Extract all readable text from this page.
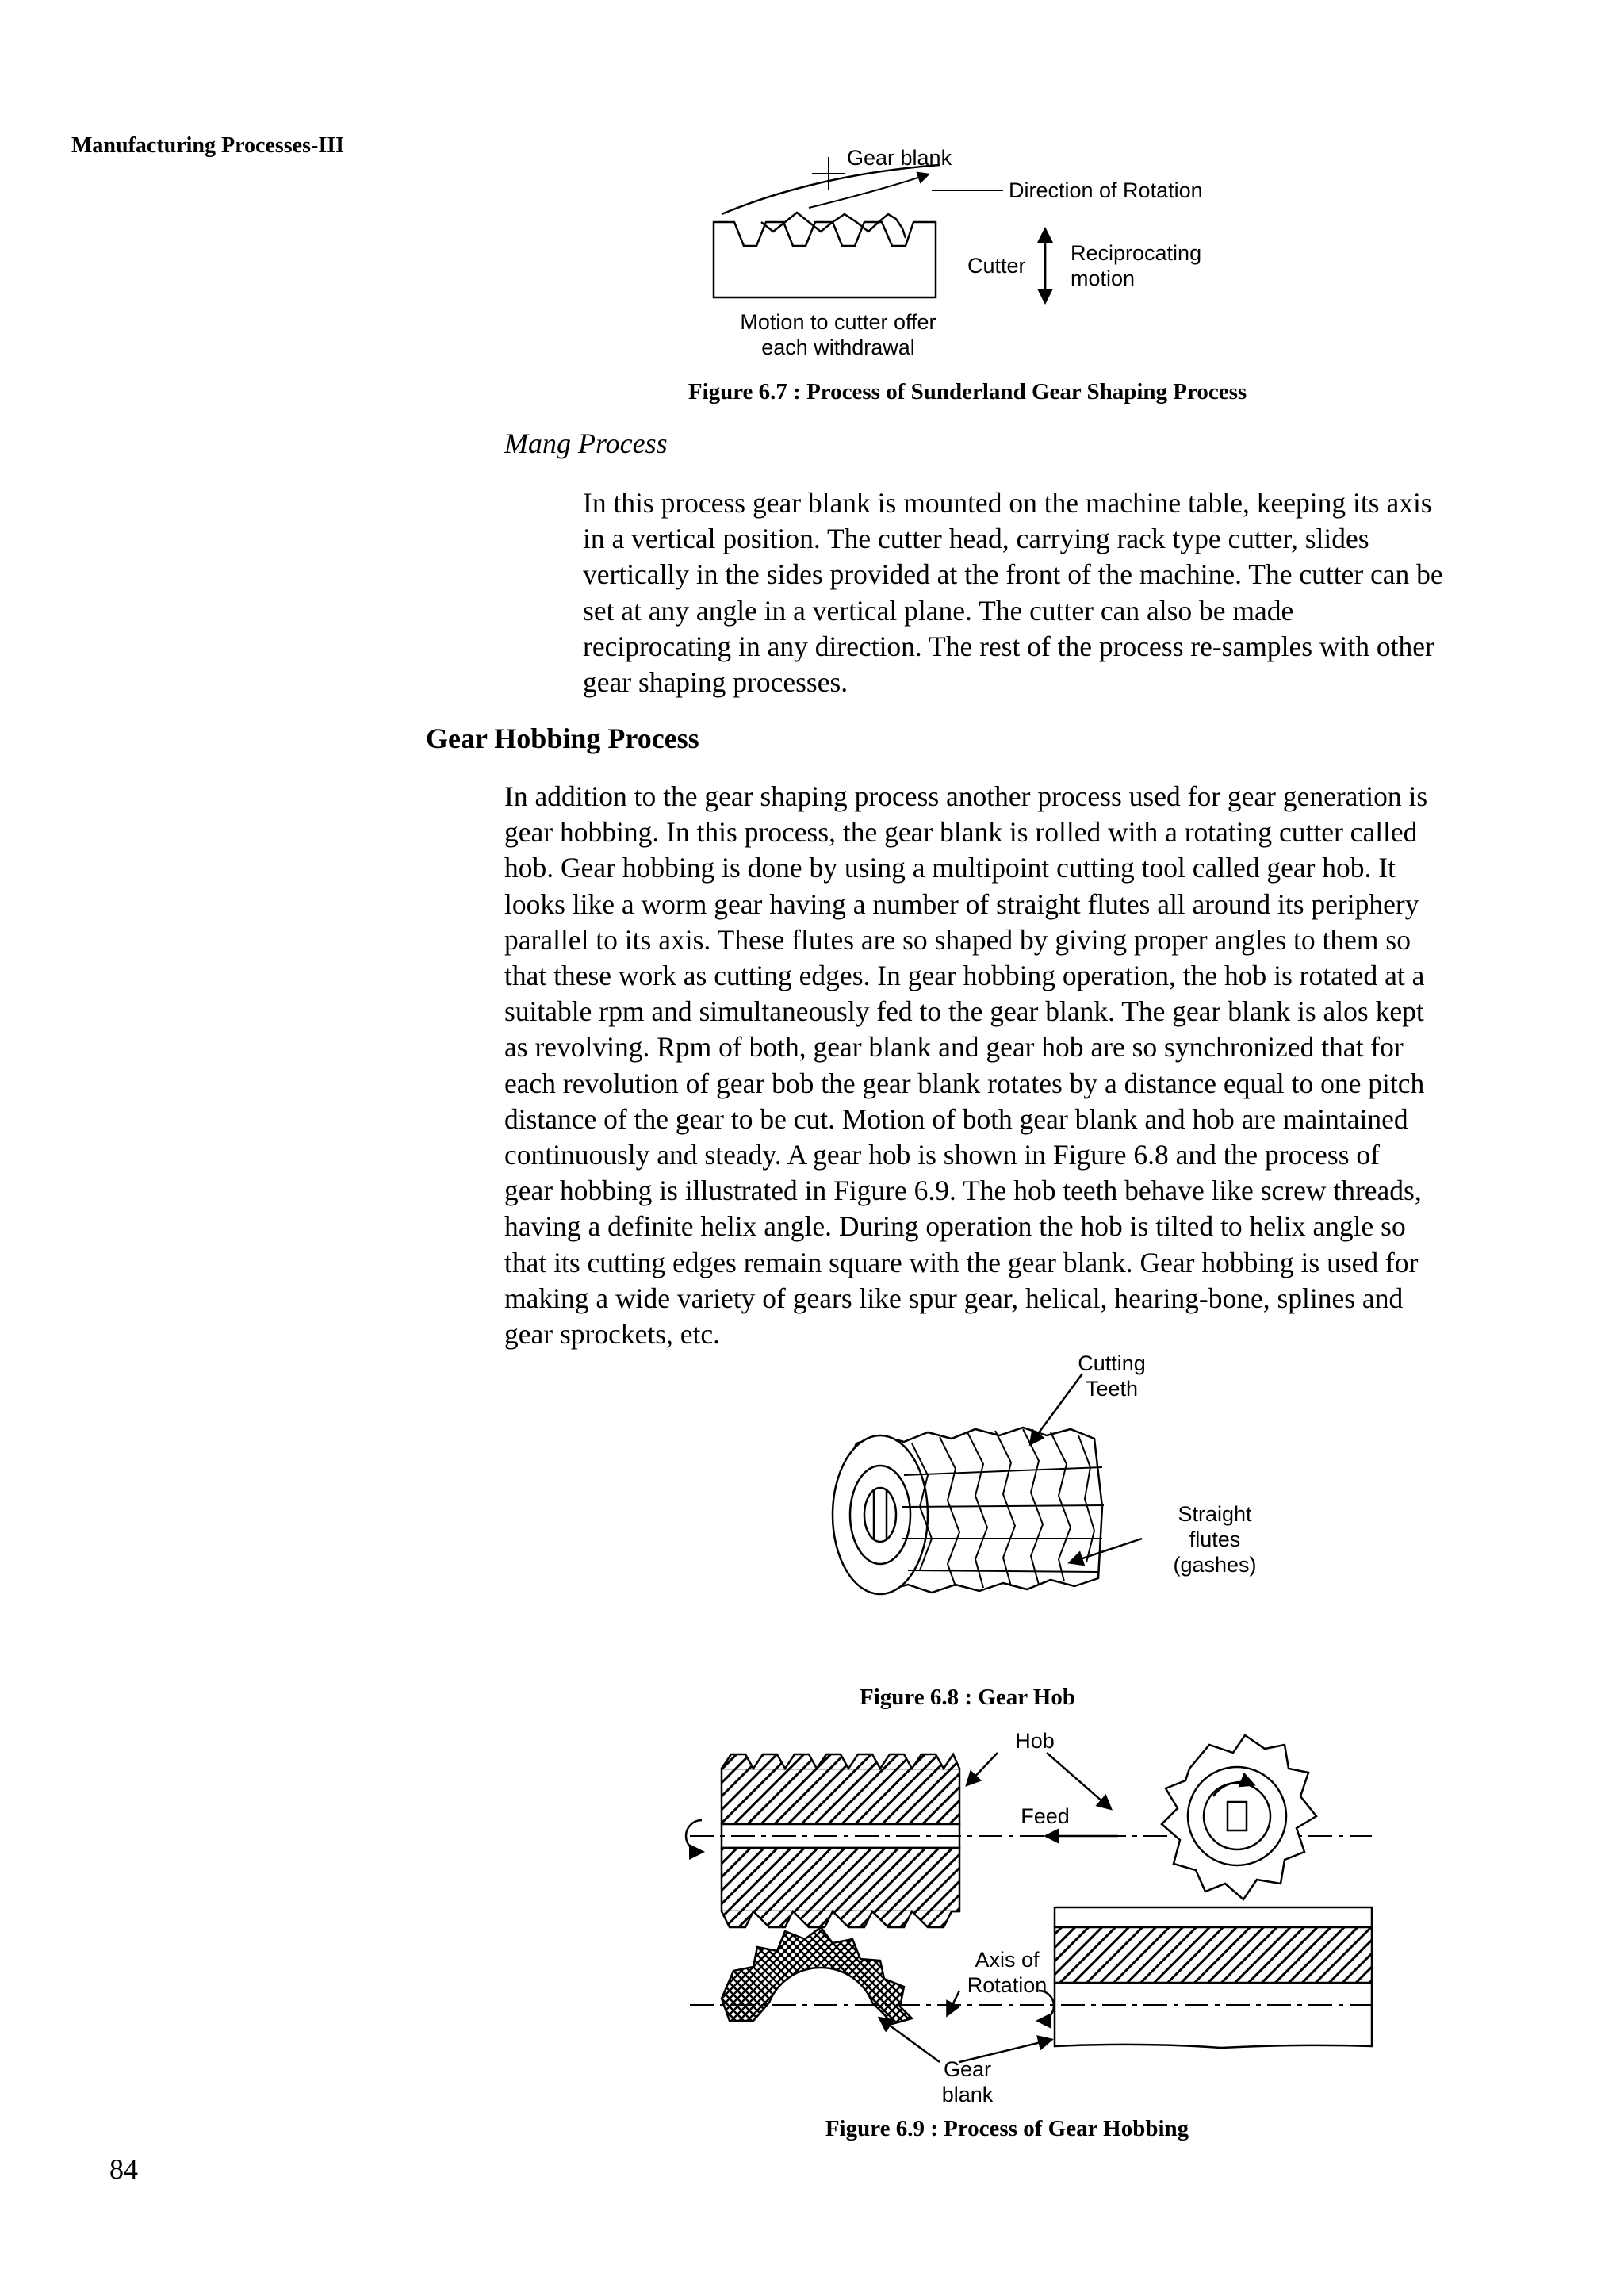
Manufacturing Processes-III	Gear blank
Direction of Rotation
Cutter
Reciprocating
motion
Motion to cutter offer
each withdrawal
Figure 6.7 : Process of Sunderland Gear Shaping Process
Mang Process
In this process gear blank is mounted on the machine table, keeping its axis
in a vertical position. The cutter head, carrying rack type cutter, slides
vertically in the sides provided at the front of the machine. The cutter can be
set at any angle in a vertical plane. The cutter can also be made
reciprocating in any direction. The rest of the process re-samples with other
gear shaping processes.
Gear Hobbing Process
In addition to the gear shaping process another process used for gear generation is
gear hobbing. In this process, the gear blank is rolled with a rotating cutter called
hob. Gear hobbing is done by using a multipoint cutting tool called gear hob. It
looks like a worm gear having a number of straight flutes all around its periphery
parallel to its axis. These flutes are so shaped by giving proper angles to them so
that these work as cutting edges. In gear hobbing operation, the hob is rotated at a
suitable rpm and simultaneously fed to the gear blank. The gear blank is alos kept
as revolving. Rpm of both, gear blank and gear hob are so synchronized that for
each revolution of gear bob the gear blank rotates by a distance equal to one pitch
distance of the gear to be cut. Motion of both gear blank and hob are maintained
continuously and steady. A gear hob is shown in Figure 6.8 and the process of
gear hobbing is illustrated in Figure 6.9. The hob teeth behave like screw threads,
having a definite helix angle. During operation the hob is tilted to helix angle so
that its cutting edges remain square with the gear blank. Gear hobbing is used for
making a wide variety of gears like spur gear, helical, hearing-bone, splines and
gear sprockets, etc.
Cutting
Teeth
Straight
flutes
(gashes)
Figure 6.8 : Gear Hob
Hob
Feed
Axis of
Rotation
Gear
blank
Figure 6.9 : Process of Gear Hobbing
84
